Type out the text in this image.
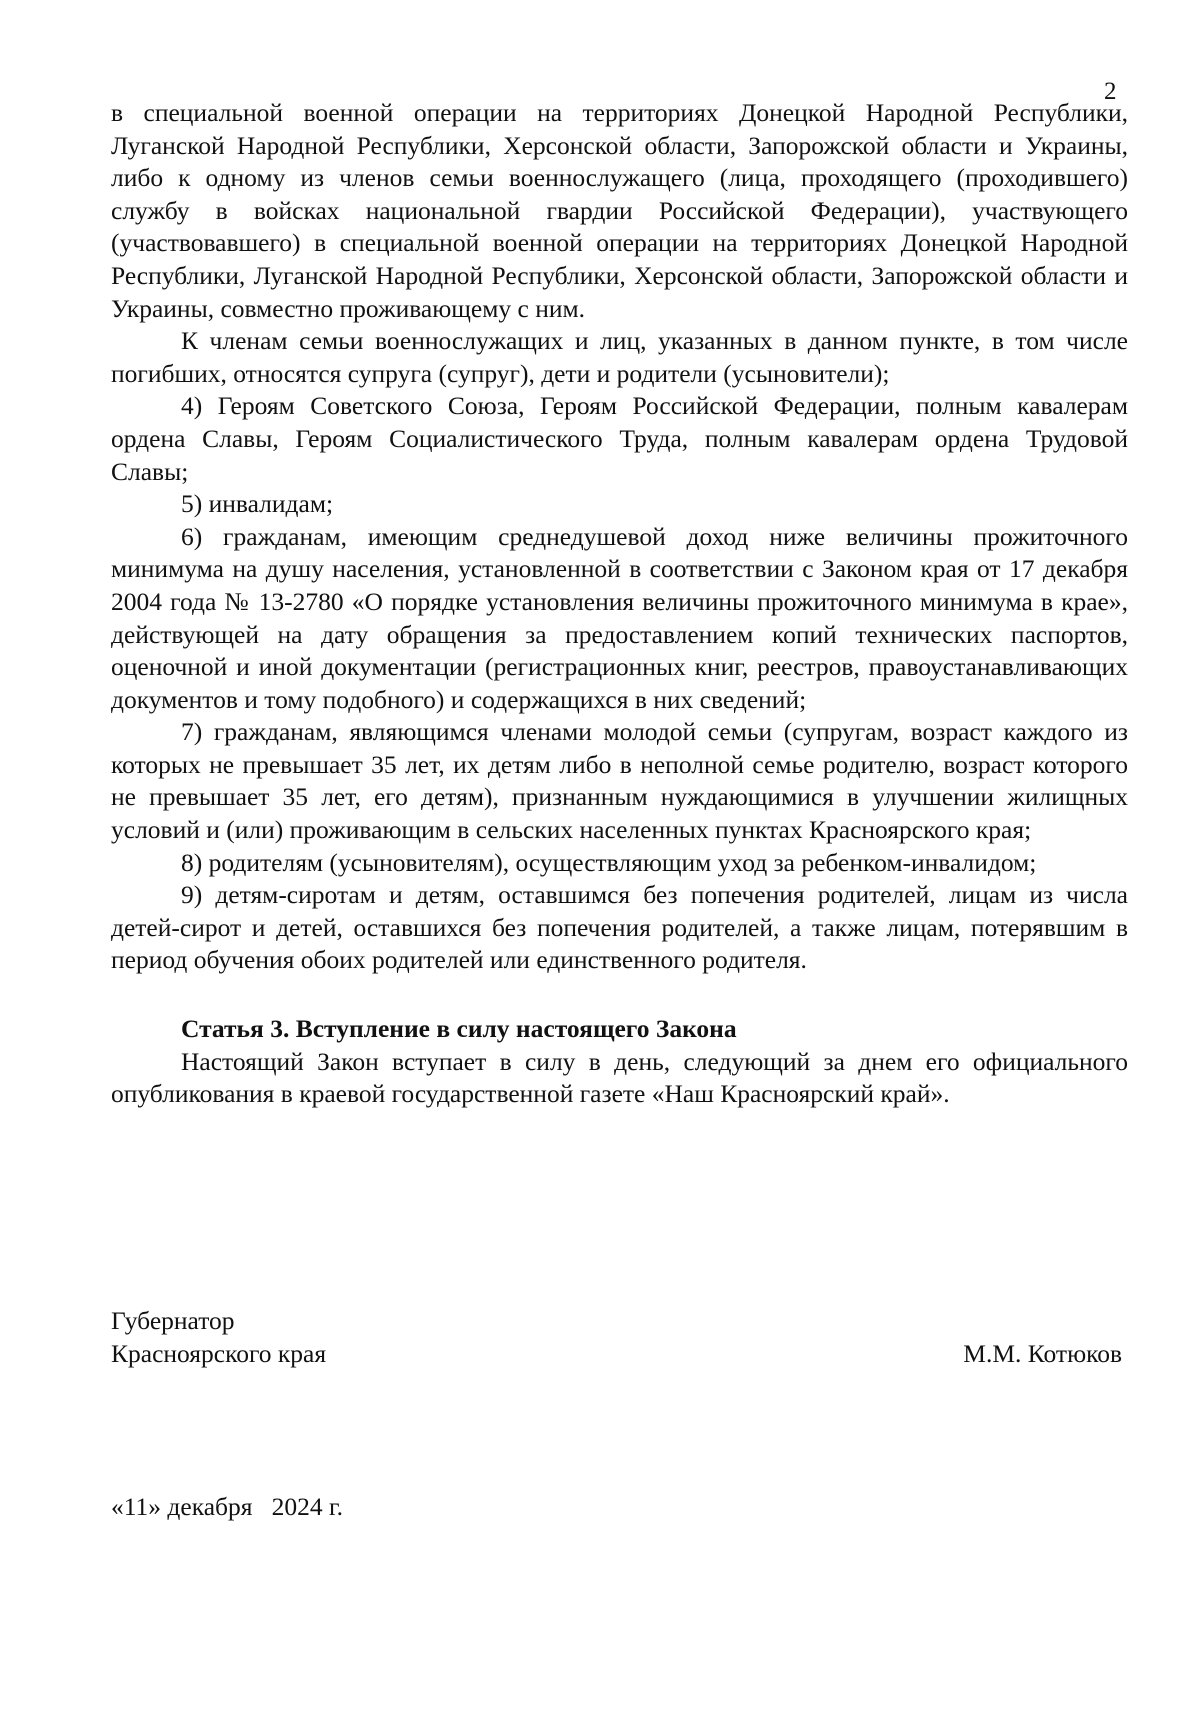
2

в специальной военной операции на территориях Донецкой Народной Республики, Луганской Народной Республики, Херсонской области, Запорожской области и Украины, либо к одному из членов семьи военнослужащего (лица, проходящего (проходившего) службу в войсках национальной гвардии Российской Федерации), участвующего (участвовавшего) в специальной военной операции на территориях Донецкой Народной Республики, Луганской Народной Республики, Херсонской области, Запорожской области и Украины, совместно проживающему с ним.

К членам семьи военнослужащих и лиц, указанных в данном пункте, в том числе погибших, относятся супруга (супруг), дети и родители (усыновители);

4) Героям Советского Союза, Героям Российской Федерации, полным кавалерам ордена Славы, Героям Социалистического Труда, полным кавалерам ордена Трудовой Славы;

5) инвалидам;

6) гражданам, имеющим среднедушевой доход ниже величины прожиточного минимума на душу населения, установленной в соответствии с Законом края от 17 декабря 2004 года № 13-2780 «О порядке установления величины прожиточного минимума в крае», действующей на дату обращения за предоставлением копий технических паспортов, оценочной и иной документации (регистрационных книг, реестров, правоустанавливающих документов и тому подобного) и содержащихся в них сведений;

7) гражданам, являющимся членами молодой семьи (супругам, возраст каждого из которых не превышает 35 лет, их детям либо в неполной семье родителю, возраст которого не превышает 35 лет, его детям), признанным нуждающимися в улучшении жилищных условий и (или) проживающим в сельских населенных пунктах Красноярского края;

8) родителям (усыновителям), осуществляющим уход за ребенком-инвалидом;

9) детям-сиротам и детям, оставшимся без попечения родителей, лицам из числа детей-сирот и детей, оставшихся без попечения родителей, а также лицам, потерявшим в период обучения обоих родителей или единственного родителя.

Статья 3. Вступление в силу настоящего Закона

Настоящий Закон вступает в силу в день, следующий за днем его официального опубликования в краевой государственной газете «Наш Красноярский край».

Губернатор
Красноярского края	М.М. Котюков
«11» декабря   2024 г.
